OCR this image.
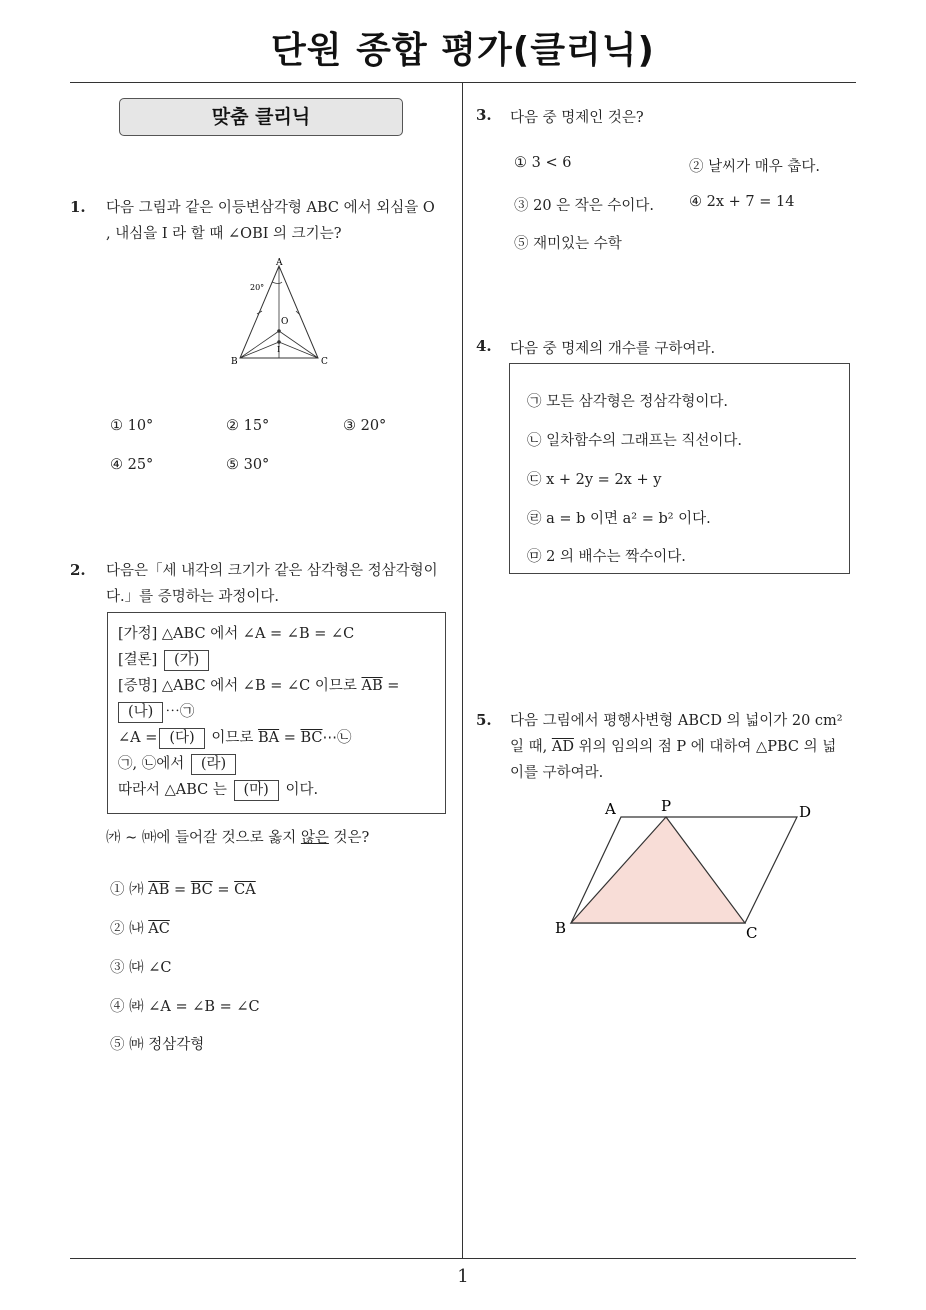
단원 종합 평가(클리닉)
맞춤 클리닉
1. 다음 그림과 같은 이등변삼각형 ABC 에서 외심을 O
, 내심을 I 라 할 때 ∠OBI 의 크기는?
A
B	C
O
I
20°
① 10°	② 15°	③ 20°
④ 25°	⑤ 30°
2. 다음은「세 내각의 크기가 같은 삼각형은 정삼각형이
다.」를 증명하는 과정이다.
[가정] △ABC 에서 ∠A = ∠B = ∠C
[결론] (가)
[증명] △ABC 에서 ∠B = ∠C 이므로 $\overline{AB}$ =
(나) ⋯㉠
∠A = (다) 이므로 $\overline{BA}$ = $\overline{BC}\cdots㉡$
㉠, ㉡에서 (라)
따라서 △ABC 는 (마) 이다.
㈎ ∼ ㈒에 들어갈 것으로 옳지 않은 것은?
① ㈎ $\overline{AB} = \overline{BC} = \overline{CA}$
② ㈏ $\overline{AC}$
③ ㈐ ∠C
④ ㈑ ∠A = ∠B = ∠C
⑤ ㈒ 정삼각형
3. 다음 중 명제인 것은?
① 3 < 6	② 날씨가 매우 춥다.
③ 20 은 작은 수이다. ④ 2x + 7 = 14
⑤ 재미있는 수학
4. 다음 중 명제의 개수를 구하여라.
㉠ 모든 삼각형은 정삼각형이다.
㉡ 일차함수의 그래프는 직선이다.
㉢ x + 2y = 2x + y
㉣ a = b 이면 a² = b² 이다.
㉤ 2 의 배수는 짝수이다.
5. 다음 그림에서 평행사변형 ABCD 의 넓이가 20 cm²
일 때, $\overline{AD}$ 위의 임의의 점 P 에 대하여 △PBC 의 넓
이를 구하여라.
A	P	D
B	C
1
